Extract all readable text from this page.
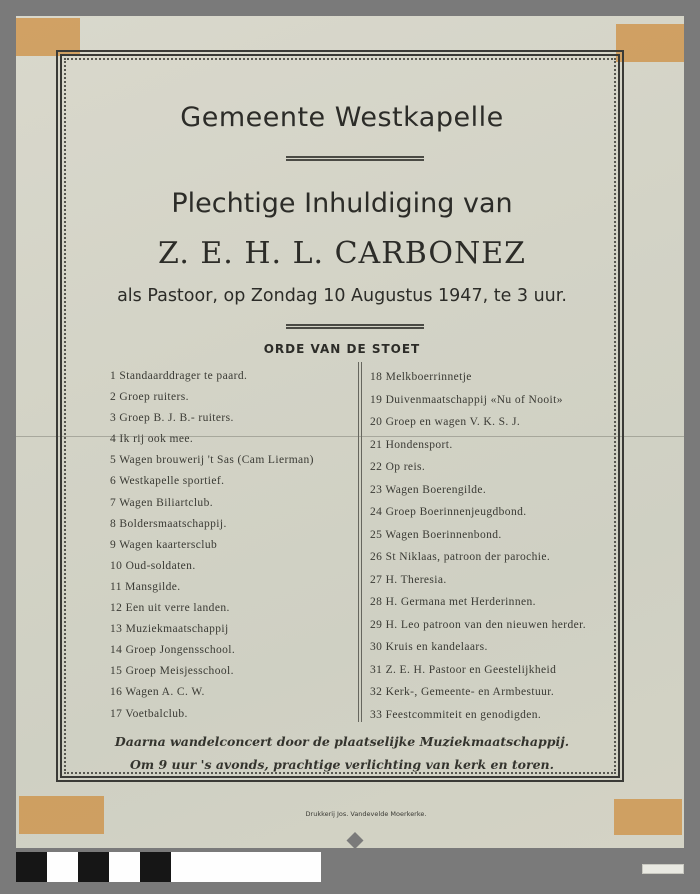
Drukkerij Jos. Vandevelde Moerkerke.
Gemeente Westkapelle
Plechtige Inhuldiging van
Z. E. H. L. CARBONEZ
als Pastoor, op Zondag 10 Augustus 1947, te 3 uur.
ORDE VAN DE STOET
1 Standaarddrager te paard.
2 Groep ruiters.
3 Groep B. J. B.- ruiters.
4 Ik rij ook mee.
5 Wagen brouwerij 't Sas (Cam Lierman)
6 Westkapelle sportief.
7 Wagen Biliartclub.
8 Boldersmaatschappij.
9 Wagen kaartersclub
10 Oud-soldaten.
11 Mansgilde.
12 Een uit verre landen.
13 Muziekmaatschappij
14 Groep Jongensschool.
15 Groep Meisjesschool.
16 Wagen A. C. W.
17 Voetbalclub.
18 Melkboerrinnetje
19 Duivenmaatschappij «Nu of Nooit»
20 Groep en wagen V. K. S. J.
21 Hondensport.
22 Op reis.
23 Wagen Boerengilde.
24 Groep Boerinnenjeugdbond.
25 Wagen Boerinnenbond.
26 St Niklaas, patroon der parochie.
27 H. Theresia.
28 H. Germana met Herderinnen.
29 H. Leo patroon van den nieuwen herder.
30 Kruis en kandelaars.
31 Z. E. H. Pastoor en Geestelijkheid
32 Kerk-, Gemeente- en Armbestuur.
33 Feestcommiteit en genodigden.
Daarna wandelconcert door de plaatselijke Muziekmaatschappij.
Om 9 uur 's avonds, prachtige verlichting van kerk en toren.
